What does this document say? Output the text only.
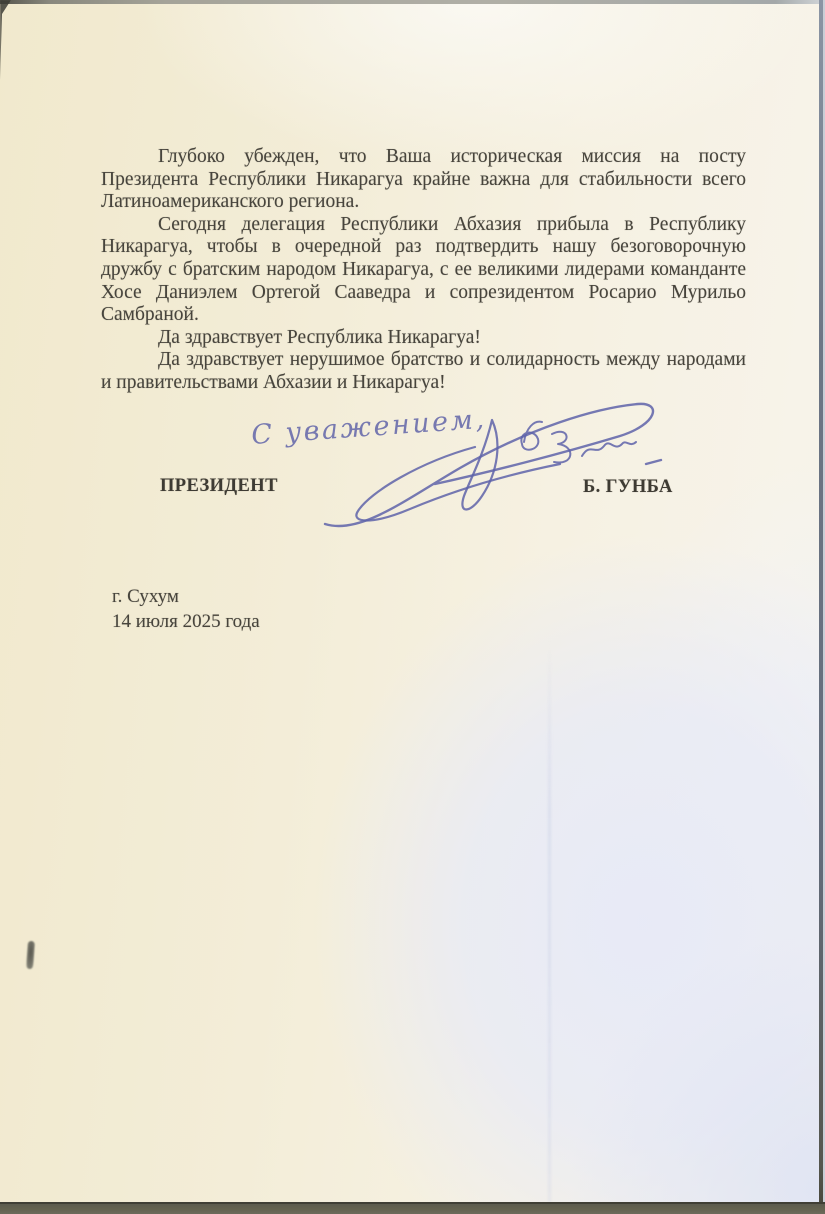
Глубоко убежден, что Ваша историческая миссия на посту Президента Республики Никарагуа крайне важна для стабильности всего Латиноамериканского региона.

Сегодня делегация Республики Абхазия прибыла в Республику Никарагуа, чтобы в очередной раз подтвердить нашу безоговорочную дружбу с братским народом Никарагуа, с ее великими лидерами команданте Хосе Даниэлем Ортегой Сааведра и сопрезидентом Росарио Мурильо Самбраной.

Да здравствует Республика Никарагуа!

Да здравствует нерушимое братство и солидарность между народами и правительствами Абхазии и Никарагуа!

С уважением,
ПРЕЗИДЕНТ	Б. ГУНБА
г. Сухум
14 июля 2025 года
